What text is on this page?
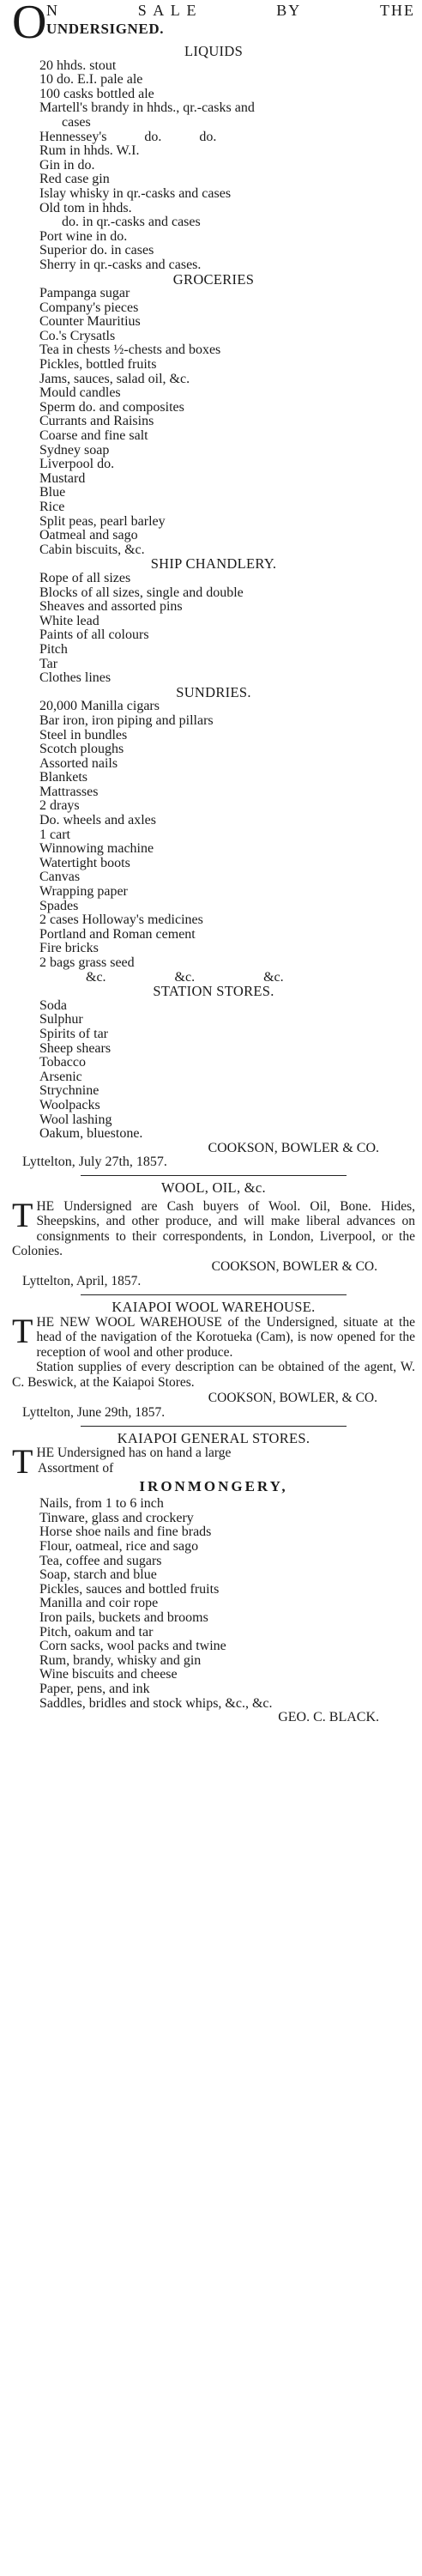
O N	S A L E	BY	THE
UNDERSIGNED.
LIQUIDS
20 hhds. stout
10 do. E.I. pale ale
100 casks bottled ale
Martell's brandy in hhds., qr.-casks and
cases
Hennessey's do. do.
Rum in hhds. W.I.
Gin in do.
Red case gin
Islay whisky in qr.-casks and cases
Old tom in hhds.
do. in qr.-casks and cases
Port wine in do.
Superior do. in cases
Sherry in qr.-casks and cases.
GROCERIES
Pampanga sugar
Company's pieces
Counter Mauritius
Co.'s Crysatls
Tea in chests ½-chests and boxes
Pickles, bottled fruits
Jams, sauces, salad oil, &c.
Mould candles
Sperm do. and composites
Currants and Raisins
Coarse and fine salt
Sydney soap
Liverpool do.
Mustard
Blue
Rice
Split peas, pearl barley
Oatmeal and sago
Cabin biscuits, &c.
SHIP CHANDLERY.
Rope of all sizes
Blocks of all sizes, single and double
Sheaves and assorted pins
White lead
Paints of all colours
Pitch
Tar
Clothes lines
SUNDRIES.
20,000 Manilla cigars
Bar iron, iron piping and pillars
Steel in bundles
Scotch ploughs
Assorted nails
Blankets
Mattrasses
2 drays
Do. wheels and axles
1 cart
Winnowing machine
Watertight boots
Canvas
Wrapping paper
Spades
2 cases Holloway's medicines
Portland and Roman cement
Fire bricks
2 bags grass seed
&c. &c. &c.
STATION STORES.
Soda
Sulphur
Spirits of tar
Sheep shears
Tobacco
Arsenic
Strychnine
Woolpacks
Wool lashing
Oakum, bluestone.
COOKSON, BOWLER & CO.
Lyttelton, July 27th, 1857.
WOOL, OIL, &c.
T HE Undersigned are Cash buyers of Wool. Oil, Bone. Hides, Sheepskins, and other produce, and will make liberal advances on consignments to their correspondents, in London, Liverpool, or the Colonies.
COOKSON, BOWLER & CO.
Lyttelton, April, 1857.
KAIAPOI WOOL WAREHOUSE.
T HE NEW WOOL WAREHOUSE of the Undersigned, situate at the head of the navigation of the Korotueka (Cam), is now opened for the reception of wool and other produce.
Station supplies of every description can be obtained of the agent, W. C. Beswick, at the Kaiapoi Stores.
COOKSON, BOWLER, & CO.
Lyttelton, June 29th, 1857.
KAIAPOI GENERAL STORES.
T HE Undersigned has on hand a large
Assortment of
IRONMONGERY,
Nails, from 1 to 6 inch
Tinware, glass and crockery
Horse shoe nails and fine brads
Flour, oatmeal, rice and sago
Tea, coffee and sugars
Soap, starch and blue
Pickles, sauces and bottled fruits
Manilla and coir rope
Iron pails, buckets and brooms
Pitch, oakum and tar
Corn sacks, wool packs and twine
Rum, brandy, whisky and gin
Wine biscuits and cheese
Paper, pens, and ink
Saddles, bridles and stock whips, &c., &c.
GEO. C. BLACK.
